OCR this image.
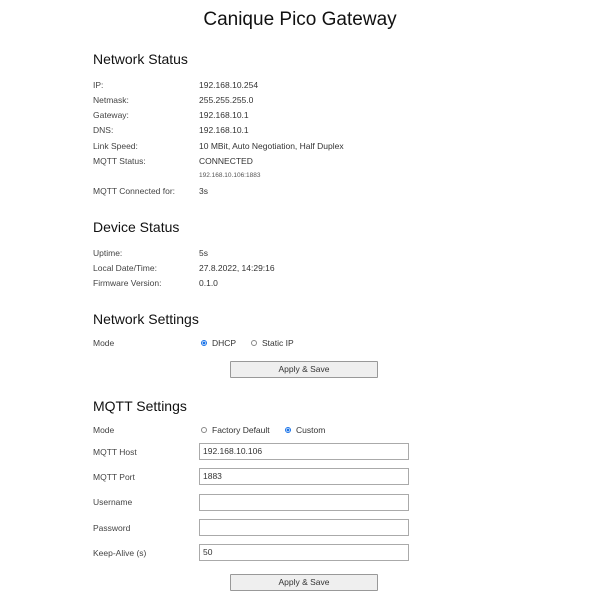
Canique Pico Gateway
Network Status
IP:	192.168.10.254
Netmask:	255.255.255.0
Gateway:	192.168.10.1
DNS:	192.168.10.1
Link Speed:	10 MBit, Auto Negotiation, Half Duplex
MQTT Status:	CONNECTED
192.168.10.106:1883
MQTT Connected for:	3s
Device Status
Uptime:	5s
Local Date/Time:	27.8.2022, 14:29:16
Firmware Version:	0.1.0
Network Settings
Mode	DHCP	Static IP
Apply & Save
MQTT Settings
Mode	Factory Default	Custom
MQTT Host	192.168.10.106
MQTT Port	1883
Username
Password
Keep-Alive (s)	50
Apply & Save
